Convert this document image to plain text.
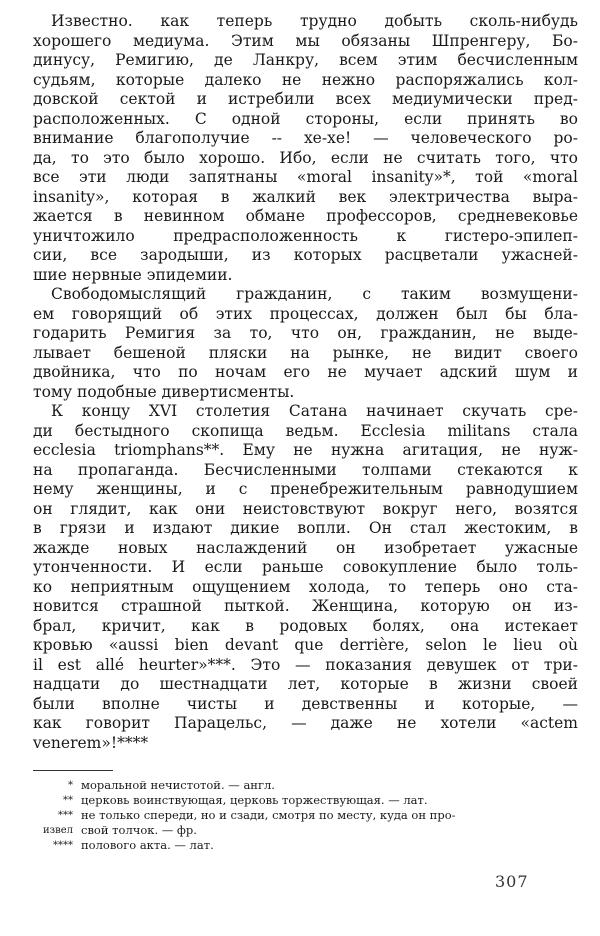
Известно. как теперь трудно добыть сколь-нибудь
хорошего медиума. Этим мы обязаны Шпренгеру, Бо-
динусу, Ремигию, де Ланкру, всем этим бесчисленным
судьям, которые далеко не нежно распоряжались кол-
довской сектой и истребили всех медиумически пред-
расположенных. С одной стороны, если принять во
внимание благополучие -- хе-хе! — человеческого ро-
да, то это было хорошо. Ибо, если не считать того, что
все эти люди запятнаны «moral insanity»*, той «moral
insanity», которая в жалкий век электричества выра-
жается в невинном обмане профессоров, средневековье
уничтожило предрасположенность к гистеро-эпилеп-
сии, все зародыши, из которых расцветали ужасней-
шие нервные эпидемии.
Свободомыслящий гражданин, с таким возмущени-
ем говорящий об этих процессах, должен был бы бла-
годарить Ремигия за то, что он, гражданин, не выде-
лывает бешеной пляски на рынке, не видит своего
двойника, что по ночам его не мучает адский шум и
тому подобные дивертисменты.
К концу XVI столетия Сатана начинает скучать сре-
ди бестыдного скопища ведьм. Ecclesia militans стала
ecclesia triomphans**. Ему не нужна агитация, не нуж-
на пропаганда. Бесчисленными толпами стекаются к
нему женщины, и с пренебрежительным равнодушием
он глядит, как они неистовствуют вокруг него, возятся
в грязи и издают дикие вопли. Он стал жестоким, в
жажде новых наслаждений он изобретает ужасные
утонченности. И если раньше совокупление было толь-
ко неприятным ощущением холода, то теперь оно ста-
новится страшной пыткой. Женщина, которую он из-
брал, кричит, как в родовых болях, она истекает
кровью «aussi bien devant que derrière, selon le lieu où
il est allé heurter»***. Это — показания девушек от три-
надцати до шестнадцати лет, которые в жизни своей
были вполне чисты и девственны и которые, —
как говорит Парацельс, — даже не хотели «actem
venerem»!****
* моральной нечистотой. — англ.
** церковь воинствующая, церковь торжествующая. — лат.
*** не только спереди, но и сзади, смотря по месту, куда он про-
извел свой толчок. — фр.
**** полового акта. — лат.
307
